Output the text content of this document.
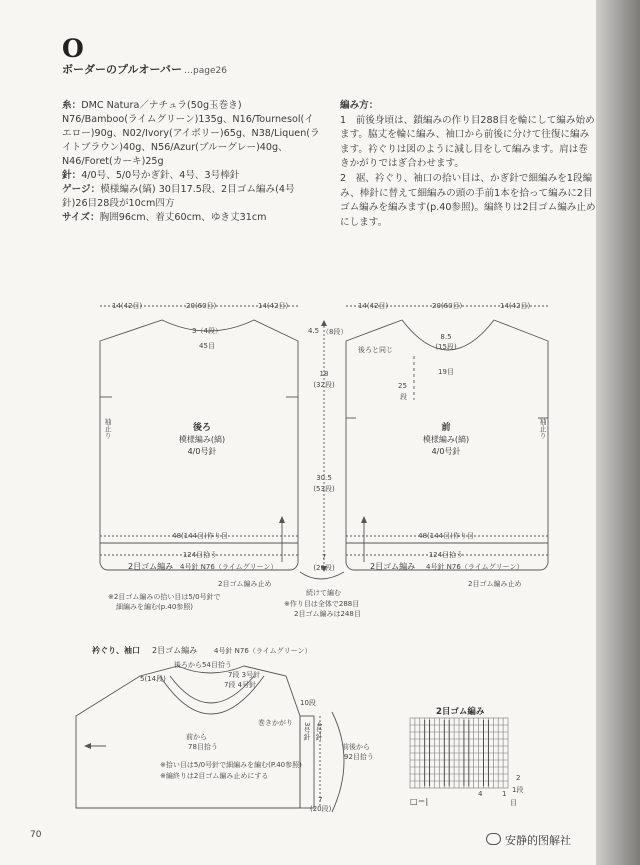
O
ボーダーのプルオーバー …page26

糸：DMC Natura／ナチュラ(50g玉巻き) N76/Bamboo(ライムグリーン)135g、N16/Tournesol(イエロー)90g、N02/Ivory(アイボリー)65g、N38/Liquen(ライトブラウン)40g、N56/Azur(ブルーグレー)40g、N46/Foret(カーキ)25g

針：4/0号、5/0号かぎ針、4号、3号棒針

ゲージ：模様編み(縞) 30目17.5段、2目ゴム編み(4号針)26目28段が10cm四方

サイズ：胸囲96cm、着丈60cm、ゆき丈31cm

編み方：

1　前後身頃は、鎖編みの作り目288目を輪にして編み始めます。脇丈を輪に編み、袖口から前後に分けて往復に編みます。衿ぐりは図のように減し目をして編みます。肩は巻きかがりではぎ合わせます。

2　裾、衿ぐり、袖口の拾い目は、かぎ針で細編みを1段編み、棒針に替えて細編みの頭の手前1本を拾って編みに2目ゴム編みを編みます(p.40参照)。編終りは2目ゴム編み止めにします。

14(42目)	20(60目)	14(42目)
3（4段）
45目
後ろ
模様編み(縞)
4/0号針
袖止り
48(144目)作り目
124目拾う
2目ゴム編み 4号針 N76（ライムグリーン）
2目ゴム編み止め
※2目ゴム編みの拾い目は5/0号針で
細編みを編む(p.40参照)
4.5 （8段）
18
(32段)
30.5
(53段)
7
(20段)
14(42目)	20(60目)	14(42目)
8.5
(15段)
後ろと同じ
19目
25
段
前
模様編み(縞)
4/0号針
袖止り
48(144目)作り目
124目拾う
2目ゴム編み 4号針 N76（ライムグリーン）
2目ゴム編み止め
続けて編む
※作り目は全体で288目
2目ゴム編みは248目
衿ぐり、袖口 2目ゴム編み 4号針 N76（ライムグリーン）
後ろから54目拾う
5(14段)	7段 3号針
7段 4号針
巻きかがり
前から
78目拾う
10段
3号針 4号針
前後から
92目拾う
7
(20段)
※拾い目は5/0号針で細編みを編む(P.40参照)
※編終りは2目ゴム編み止めにする
2目ゴム編み
1段
2
1
4
目
□＝|
70	安静的图解社
